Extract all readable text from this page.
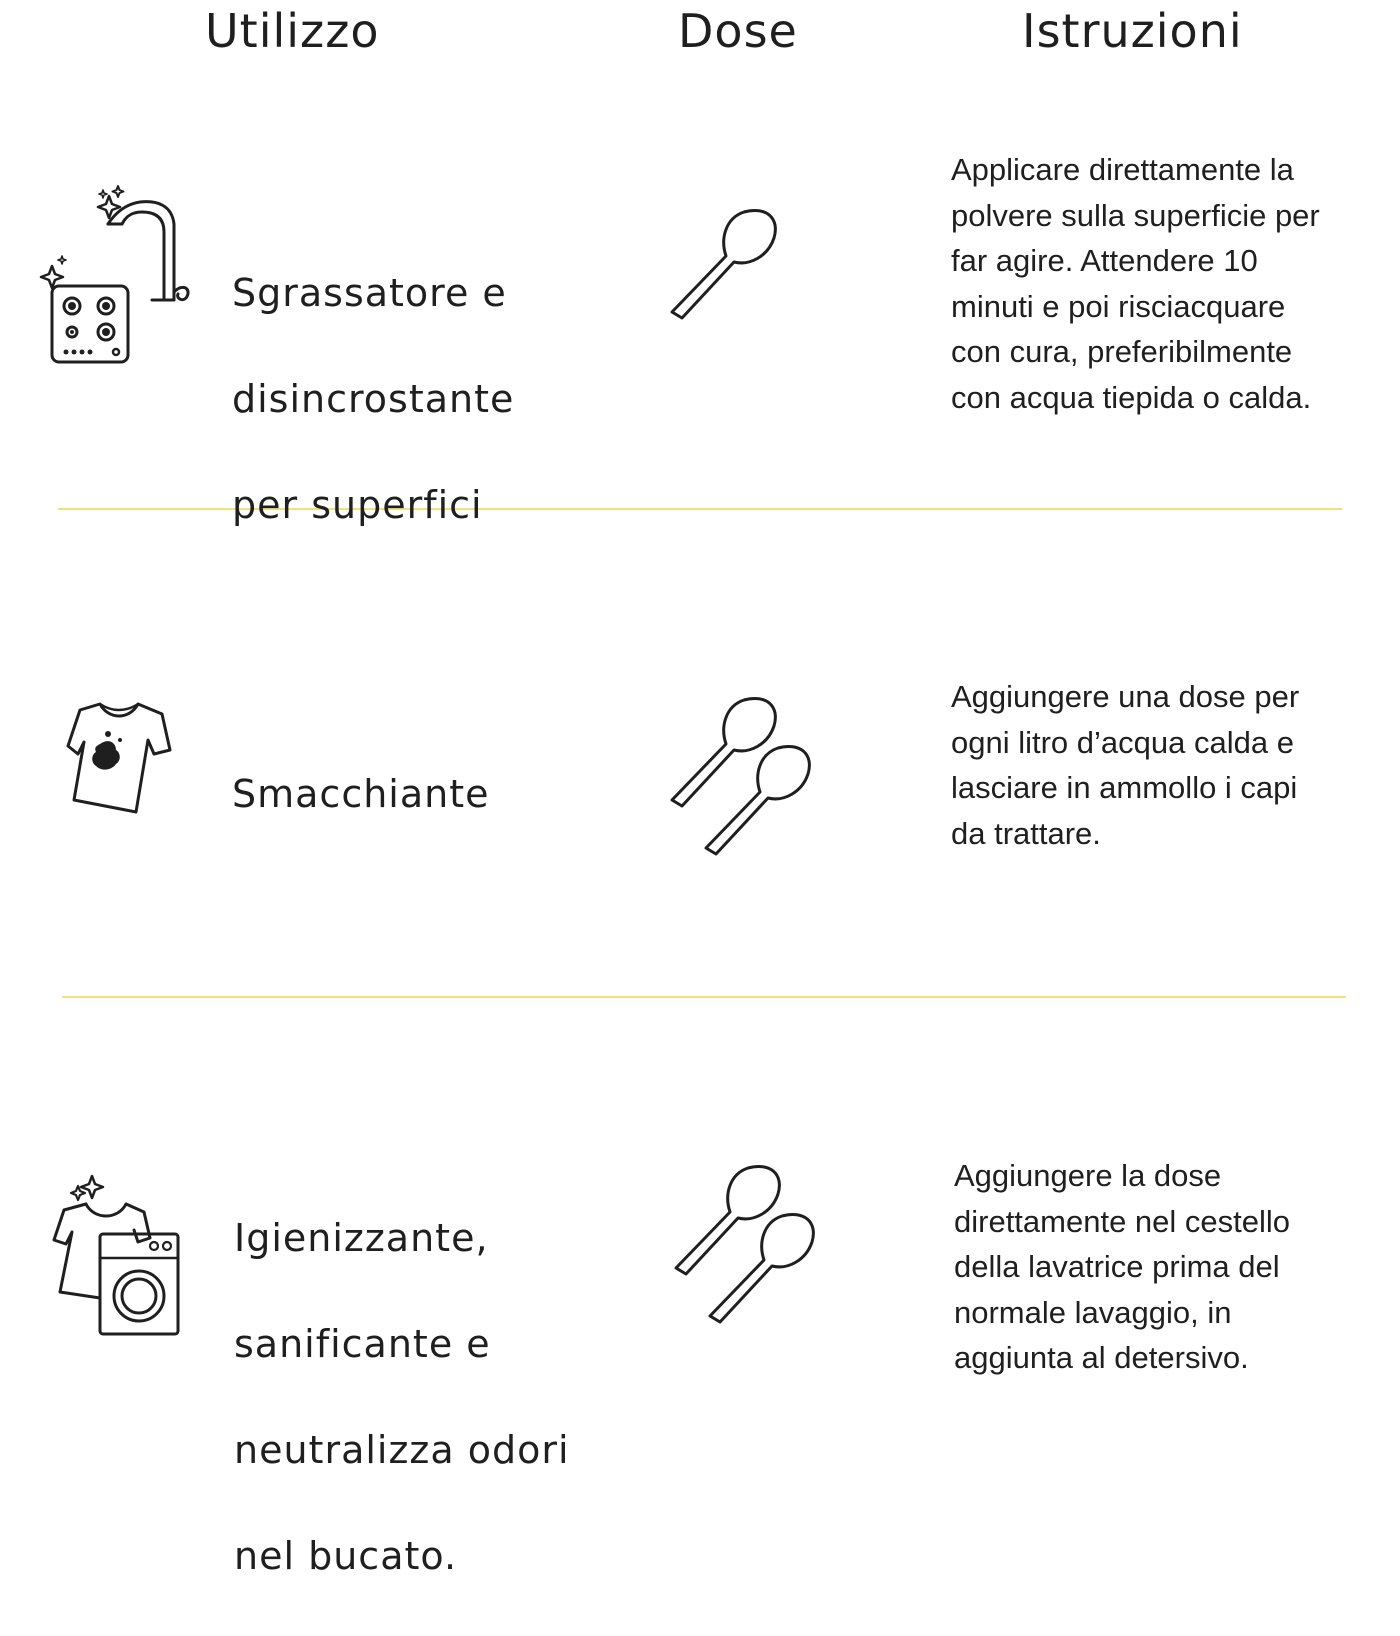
Utilizzo	Dose	Istruzioni

Sgrassatore e

disincrostante

per superfici

Applicare direttamente la
polvere sulla superficie per
far agire. Attendere 10
minuti e poi risciacquare
con cura, preferibilmente
con acqua tiepida o calda.

Smacchiante

Aggiungere una dose per
ogni litro d’acqua calda e
lasciare in ammollo i capi
da trattare.

Igienizzante,

sanificante e

neutralizza odori

nel bucato.

Aggiungere la dose
direttamente nel cestello
della lavatrice prima del
normale lavaggio, in
aggiunta al detersivo.
